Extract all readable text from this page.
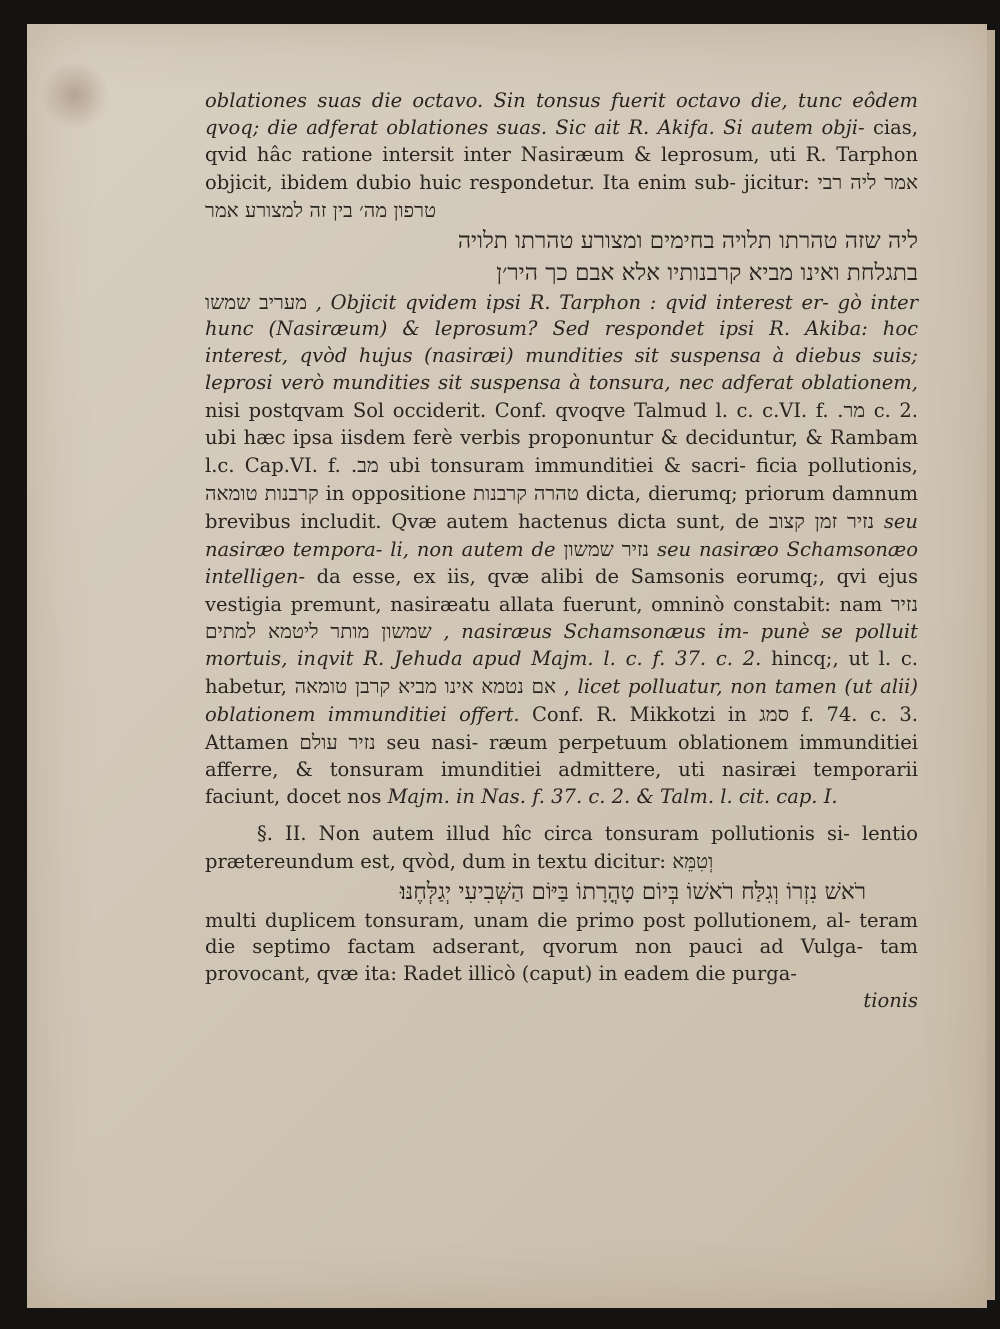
oblationes suas die octavo. Sin tonsus fuerit octavo die, tunc eôdem qvoq; die adferat oblationes suas. Sic ait R. Akifa. Si autem obji- cias, qvid hâc ratione intersit inter Nasiræum & leprosum, uti R. Tarphon objicit, ibidem dubio huic respondetur. Ita enim sub- jicitur: אמר ליה רבי טרפון מה׳ בין זה למצורע אמר
ליה שזה טהרתו תלויה בחימים ומצורע טהרתו תלויה
בתגלחת ואינו מביא קרבנותיו אלא אבם כך היר׳ן
מעריב שמשו , Objicit qvidem ipsi R. Tarphon : qvid interest er- gò inter hunc (Nasiræum) & leprosum? Sed respondet ipsi R. Akiba: hoc interest, qvòd hujus (nasiræi) mundities sit suspensa à diebus suis; leprosi verò mundities sit suspensa à tonsura, nec adferat oblationem, nisi postqvam Sol occiderit. Conf. qvoqve Talmud l. c. c.VI. f. מר. c. 2. ubi hæc ipsa iisdem ferè verbis proponuntur & deciduntur, & Rambam l.c. Cap.VI. f. מב. ubi tonsuram immunditiei & sacri- ficia pollutionis, קרבנות טומאה in oppositione קרבנות טהרה dicta, dierumq; priorum damnum brevibus includit. Qvæ autem hactenus dicta sunt, de נזיר זמן קצוב seu nasiræo tempora- li, non autem de נזיר שמשון seu nasiræo Schamsonæo intelligen- da esse, ex iis, qvæ alibi de Samsonis eorumq;, qvi ejus vestigia premunt, nasiræatu allata fuerunt, omninò constabit: nam נזיר שמשון מותר ליטמא למתים , nasiræus Schamsonæus im- punè se polluit mortuis, inqvit R. Jehuda apud Majm. l. c. f. 37. c. 2. hincq;, ut l. c. habetur, אם נטמא אינו מביא קרבן טומאה , licet polluatur, non tamen (ut alii) oblationem immunditiei offert. Conf. R. Mikkotzi in סמג f. 74. c. 3. Attamen נזיר עולם seu nasi- ræum perpetuum oblationem immunditiei afferre, & tonsuram imunditiei admittere, uti nasiræi temporarii faciunt, docet nos Majm. in Nas. f. 37. c. 2. & Talm. l. cit. cap. I.

§. II. Non autem illud hîc circa tonsuram pollutionis si- lentio prætereundum est, qvòd, dum in textu dicitur: וְטִמֵּא
רֹאשׁ נִזְרוֹ וְגִלַּח רֹאשׁוֹ בְּיוֹם טָהֳרָתוֹ בַּיּוֹם הַשְּׁבִיעִי יְגַלְּחֶנּוּ׃
multi duplicem tonsuram, unam die primo post pollutionem, al- teram die septimo factam adserant, qvorum non pauci ad Vulga- tam provocant, qvæ ita: Radet illicò (caput) in eadem die purga-

tionis
